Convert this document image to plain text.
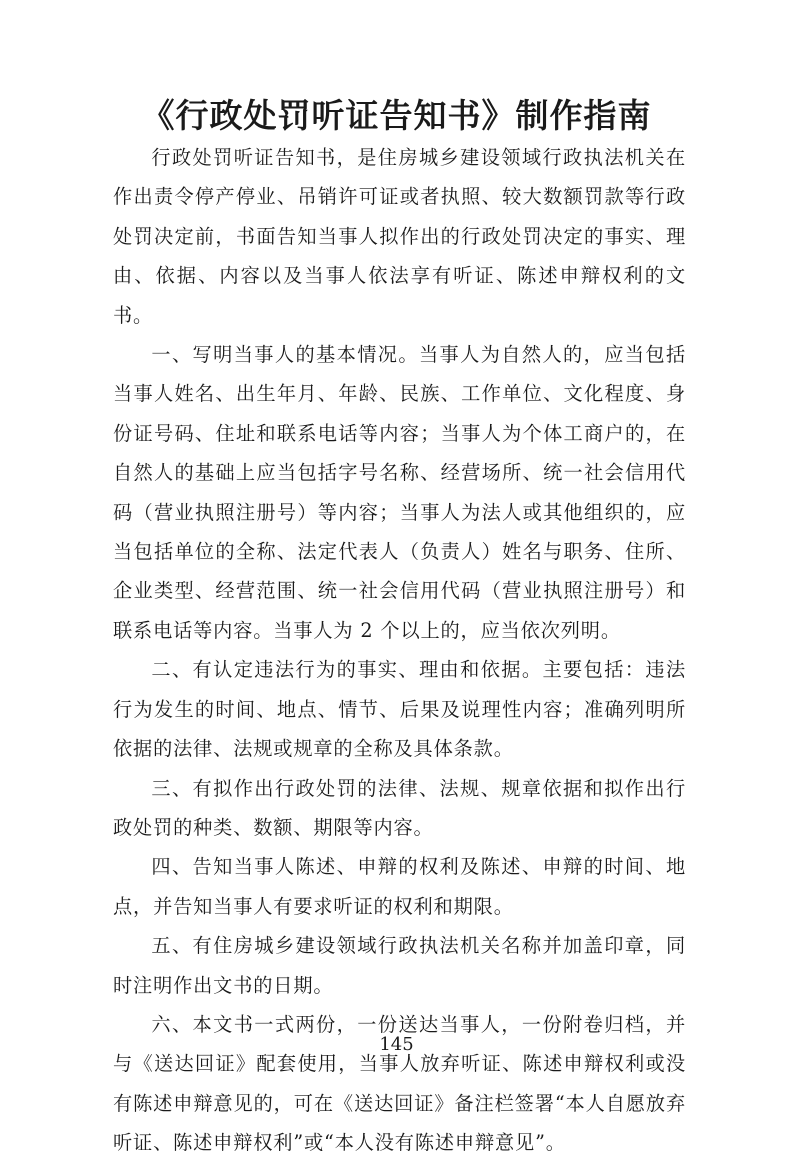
《行政处罚听证告知书》制作指南

行政处罚听证告知书，是住房城乡建设领域行政执法机关在作出责令停产停业、吊销许可证或者执照、较大数额罚款等行政处罚决定前，书面告知当事人拟作出的行政处罚决定的事实、理由、依据、内容以及当事人依法享有听证、陈述申辩权利的文书。

一、写明当事人的基本情况。当事人为自然人的，应当包括当事人姓名、出生年月、年龄、民族、工作单位、文化程度、身份证号码、住址和联系电话等内容；当事人为个体工商户的，在自然人的基础上应当包括字号名称、经营场所、统一社会信用代码（营业执照注册号）等内容；当事人为法人或其他组织的，应当包括单位的全称、法定代表人（负责人）姓名与职务、住所、企业类型、经营范围、统一社会信用代码（营业执照注册号）和联系电话等内容。当事人为 2 个以上的，应当依次列明。

二、有认定违法行为的事实、理由和依据。主要包括：违法行为发生的时间、地点、情节、后果及说理性内容；准确列明所依据的法律、法规或规章的全称及具体条款。

三、有拟作出行政处罚的法律、法规、规章依据和拟作出行政处罚的种类、数额、期限等内容。

四、告知当事人陈述、申辩的权利及陈述、申辩的时间、地点，并告知当事人有要求听证的权利和期限。

五、有住房城乡建设领域行政执法机关名称并加盖印章，同时注明作出文书的日期。

六、本文书一式两份，一份送达当事人，一份附卷归档，并与《送达回证》配套使用，当事人放弃听证、陈述申辩权利或没有陈述申辩意见的，可在《送达回证》备注栏签署“本人自愿放弃听证、陈述申辩权利”或“本人没有陈述申辩意见”。

145
